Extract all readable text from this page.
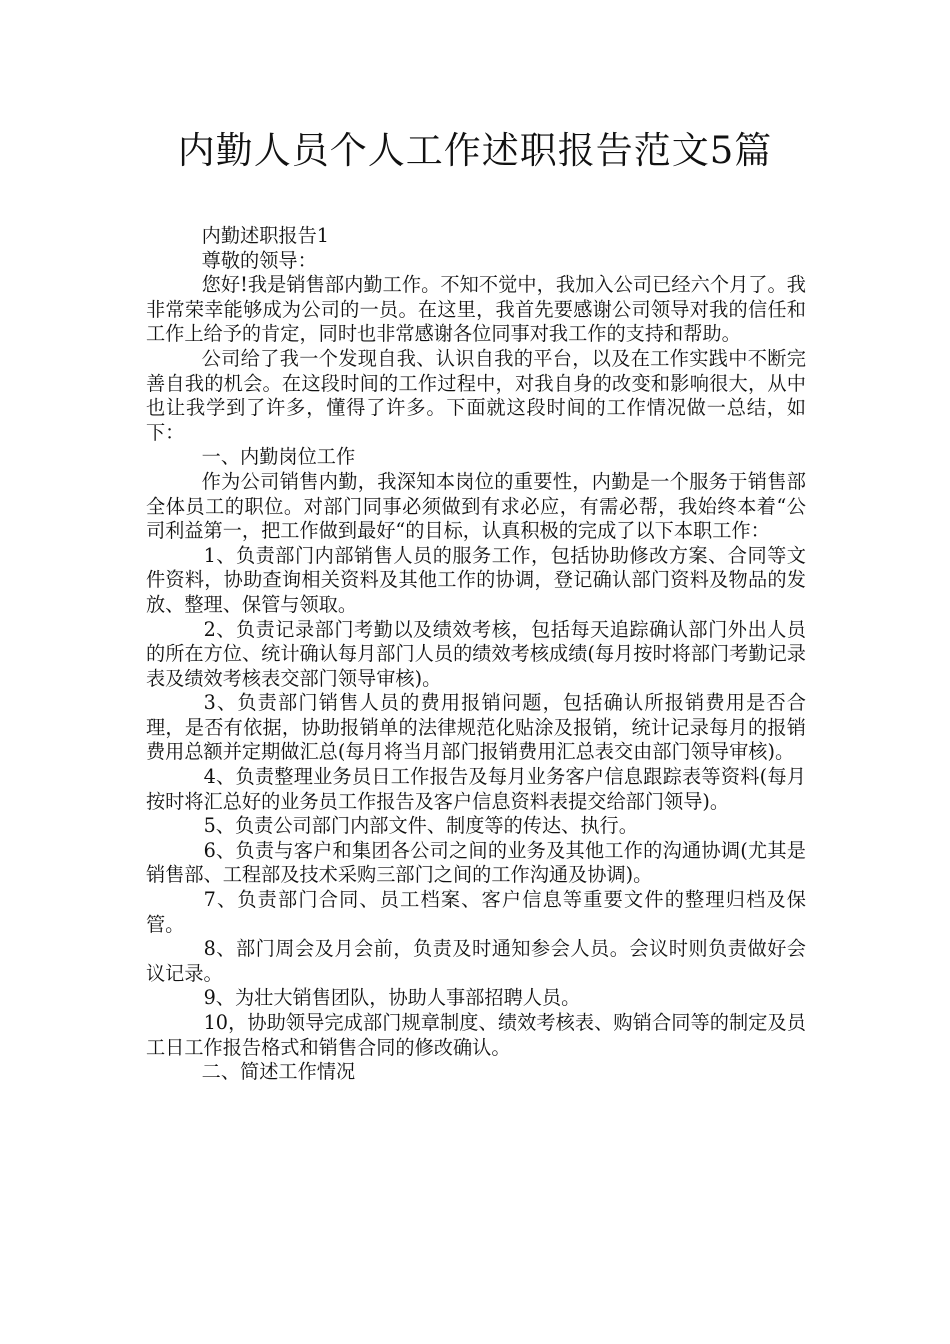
内勤人员个人工作述职报告范文5篇

内勤述职报告1

尊敬的领导：

您好!我是销售部内勤工作。不知不觉中，我加入公司已经六个月了。我非常荣幸能够成为公司的一员。在这里，我首先要感谢公司领导对我的信任和工作上给予的肯定，同时也非常感谢各位同事对我工作的支持和帮助。

公司给了我一个发现自我、认识自我的平台，以及在工作实践中不断完善自我的机会。在这段时间的工作过程中，对我自身的改变和影响很大，从中也让我学到了许多，懂得了许多。下面就这段时间的工作情况做一总结，如下：

一、内勤岗位工作

作为公司销售内勤，我深知本岗位的重要性，内勤是一个服务于销售部全体员工的职位。对部门同事必须做到有求必应，有需必帮，我始终本着“公司利益第一，把工作做到最好“的目标，认真积极的完成了以下本职工作：

1、负责部门内部销售人员的服务工作，包括协助修改方案、合同等文件资料，协助查询相关资料及其他工作的协调，登记确认部门资料及物品的发放、整理、保管与领取。

2、负责记录部门考勤以及绩效考核，包括每天追踪确认部门外出人员的所在方位、统计确认每月部门人员的绩效考核成绩(每月按时将部门考勤记录表及绩效考核表交部门领导审核)。

3、负责部门销售人员的费用报销问题，包括确认所报销费用是否合理，是否有依据，协助报销单的法律规范化贴涂及报销，统计记录每月的报销费用总额并定期做汇总(每月将当月部门报销费用汇总表交由部门领导审核)。

4、负责整理业务员日工作报告及每月业务客户信息跟踪表等资料(每月按时将汇总好的业务员工作报告及客户信息资料表提交给部门领导)。

5、负责公司部门内部文件、制度等的传达、执行。

6、负责与客户和集团各公司之间的业务及其他工作的沟通协调(尤其是销售部、工程部及技术采购三部门之间的工作沟通及协调)。

7、负责部门合同、员工档案、客户信息等重要文件的整理归档及保管。

8、部门周会及月会前，负责及时通知参会人员。会议时则负责做好会议记录。

9、为壮大销售团队，协助人事部招聘人员。

10，协助领导完成部门规章制度、绩效考核表、购销合同等的制定及员工日工作报告格式和销售合同的修改确认。

二、简述工作情况
